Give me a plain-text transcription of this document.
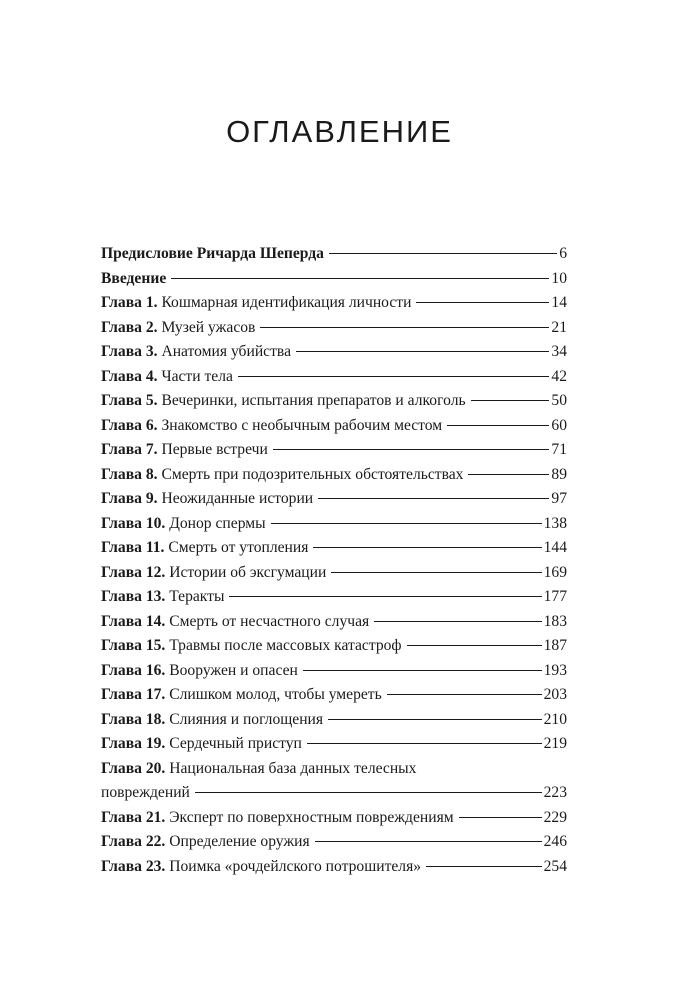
ОГЛАВЛЕНИЕ
Предисловие Ричарда Шеперда	6
Введение	10
Глава 1. Кошмарная идентификация личности	14
Глава 2. Музей ужасов	21
Глава 3. Анатомия убийства	34
Глава 4. Части тела	42
Глава 5. Вечеринки, испытания препаратов и алкоголь	50
Глава 6. Знакомство с необычным рабочим местом	60
Глава 7. Первые встречи	71
Глава 8. Смерть при подозрительных обстоятельствах	89
Глава 9. Неожиданные истории	97
Глава 10. Донор спермы	138
Глава 11. Смерть от утопления	144
Глава 12. Истории об эксгумации	169
Глава 13. Теракты	177
Глава 14. Смерть от несчастного случая	183
Глава 15. Травмы после массовых катастроф	187
Глава 16. Вооружен и опасен	193
Глава 17. Слишком молод, чтобы умереть	203
Глава 18. Слияния и поглощения	210
Глава 19. Сердечный приступ	219
Глава 20. Национальная база данных телесных
повреждений	223
Глава 21. Эксперт по поверхностным повреждениям	229
Глава 22. Определение оружия	246
Глава 23. Поимка «рочдейлского потрошителя»	254
